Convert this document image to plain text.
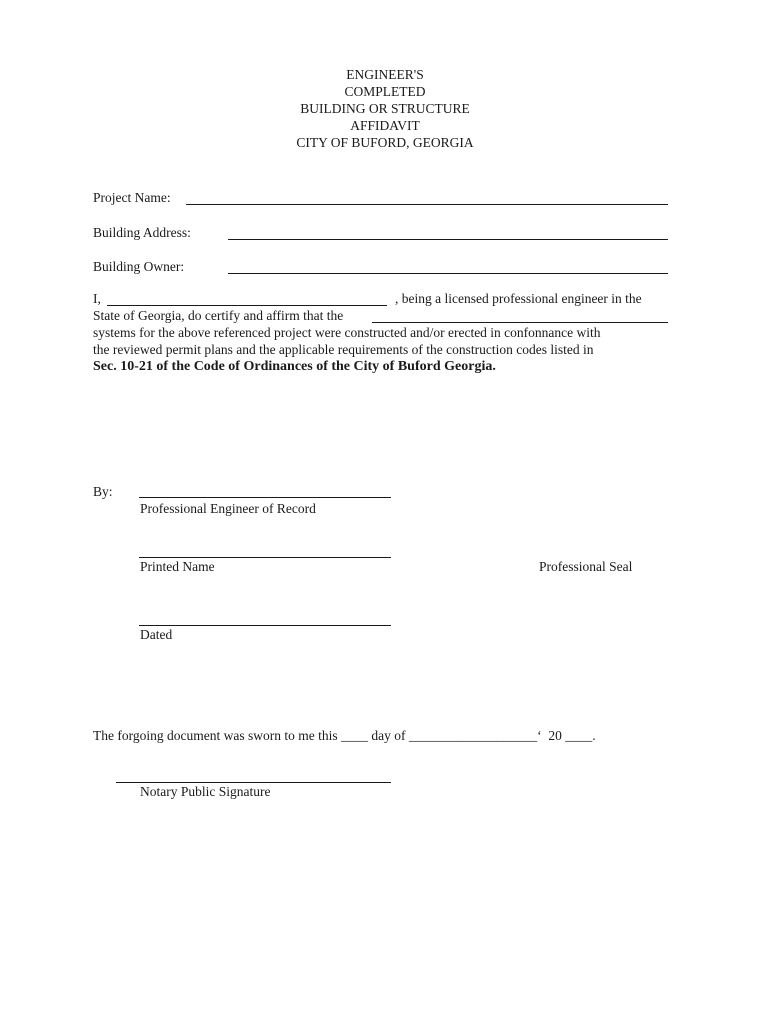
ENGINEER'S
COMPLETED
BUILDING OR STRUCTURE
AFFIDAVIT
CITY OF BUFORD, GEORGIA
Project Name:
Building Address:
Building Owner:
I,	, being a licensed professional engineer in the
State of Georgia, do certify and affirm that the
systems for the above referenced project were constructed and/or erected in confonnance with
the reviewed permit plans and the applicable requirements of the construction codes listed in
Sec. 10-21 of the Code of Ordinances of the City of Buford Georgia.
By:
Professional Engineer of Record
Printed Name	Professional Seal
Dated
The forgoing document was sworn to me this ____ day of ___________________‘  20 ____.
Notary Public Signature
